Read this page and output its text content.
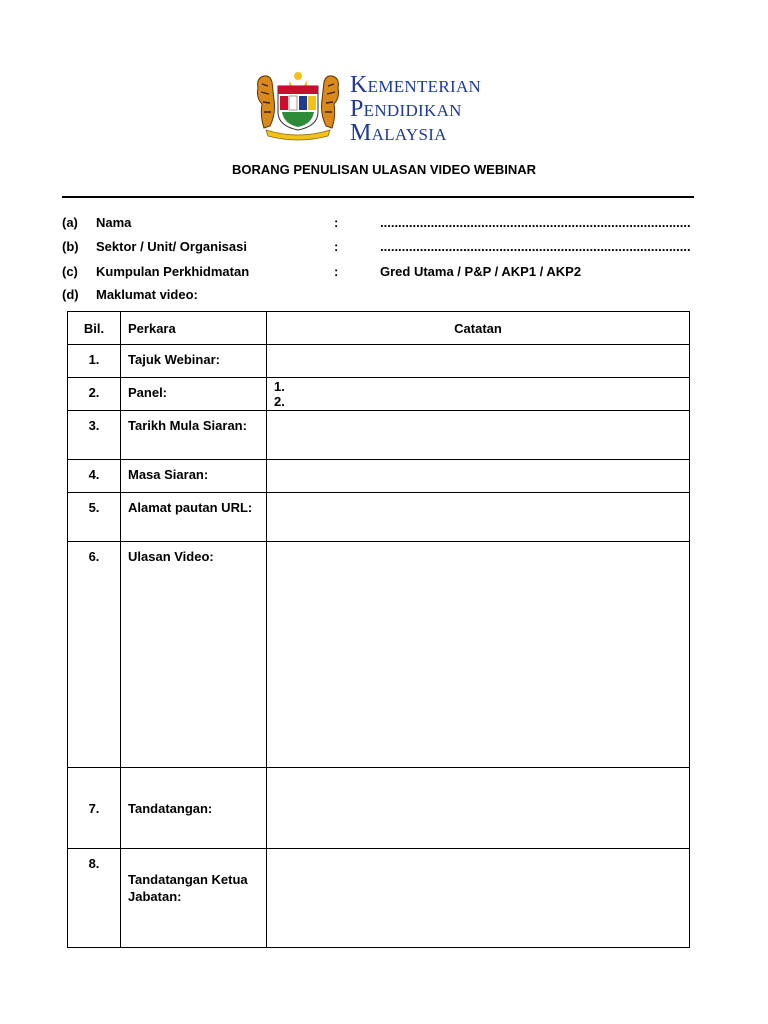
KEMENTERIAN
PENDIDIKAN
MALAYSIA
BORANG PENULISAN ULASAN VIDEO WEBINAR
(a) Nama	:	......................................................................................
(b) Sektor / Unit/ Organisasi	:	......................................................................................
(c) Kumpulan Perkhidmatan	:	Gred Utama / P&P / AKP1 / AKP2
(d) Maklumat video:
Bil.	Perkara	Catatan
1.	Tajuk Webinar:	
2.	Panel:	1.
2.

3.	Tarikh Mula Siaran:	
4.	Masa Siaran:	
5.	Alamat pautan URL:	
6.	Ulasan Video:	
7.	Tandatangan:	
8.	Tandatangan Ketua Jabatan:	
